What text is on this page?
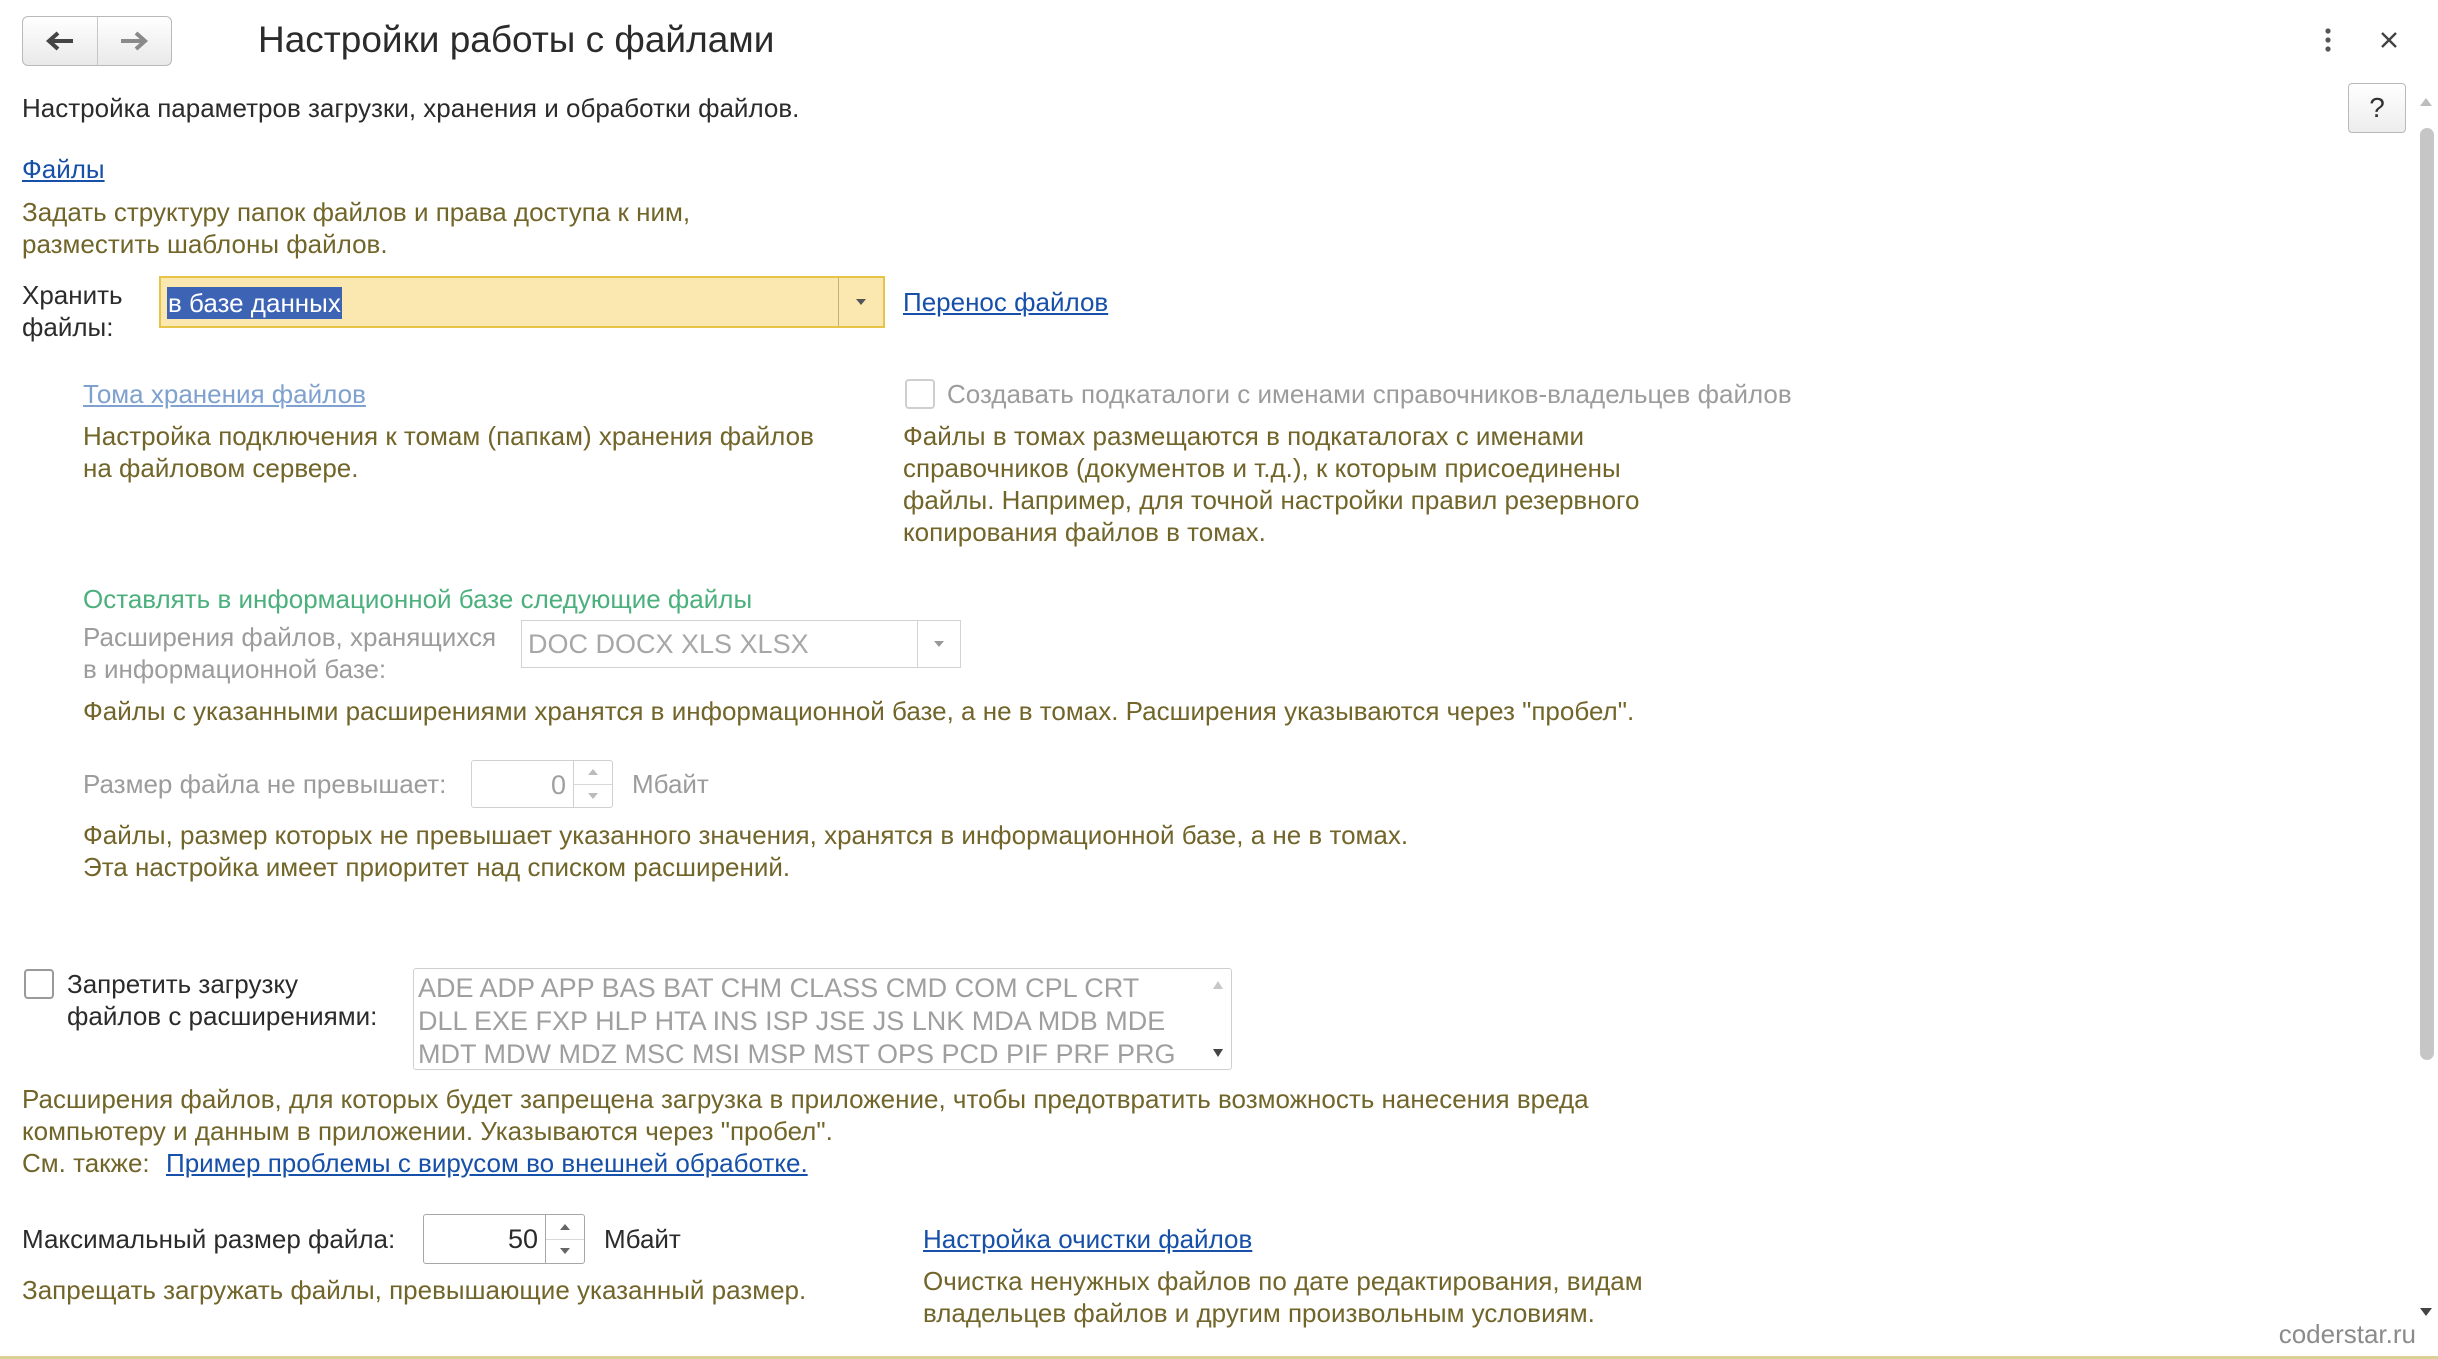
Настройки работы с файлами
?
Настройка параметров загрузки, хранения и обработки файлов.
Файлы
Задать структуру папок файлов и права доступа к ним,
разместить шаблоны файлов.
Хранить
файлы:
в базе данных	Перенос файлов
Тома хранения файлов
Настройка подключения к томам (папкам) хранения файлов
на файловом сервере.
Создавать подкаталоги с именами справочников-владельцев файлов
Файлы в томах размещаются в подкаталогах с именами
справочников (документов и т.д.), к которым присоединены
файлы. Например, для точной настройки правил резервного
копирования файлов в томах.
Оставлять в информационной базе следующие файлы
Расширения файлов, хранящихся
в информационной базе:
DOC DOCX XLS XLSX
Файлы с указанными расширениями хранятся в информационной базе, а не в томах. Расширения указываются через "пробел".
Размер файла не превышает:	0	Мбайт
Файлы, размер которых не превышает указанного значения, хранятся в информационной базе, а не в томах.
Эта настройка имеет приоритет над списком расширений.
Запретить загрузку
файлов с расширениями:
ADE ADP APP BAS BAT CHM CLASS CMD COM CPL CRT
DLL EXE FXP HLP HTA INS ISP JSE JS LNK MDA MDB MDE
MDT MDW MDZ MSC MSI MSP MST OPS PCD PIF PRF PRG
Расширения файлов, для которых будет запрещена загрузка в приложение, чтобы предотвратить возможность нанесения вреда
компьютеру и данным в приложении. Указываются через "пробел".
См. также: Пример проблемы с вирусом во внешней обработке.
Максимальный размер файла:	50	Мбайт
Запрещать загружать файлы, превышающие указанный размер.
Настройка очистки файлов
Очистка ненужных файлов по дате редактирования, видам
владельцев файлов и другим произвольным условиям.
coderstar.ru
